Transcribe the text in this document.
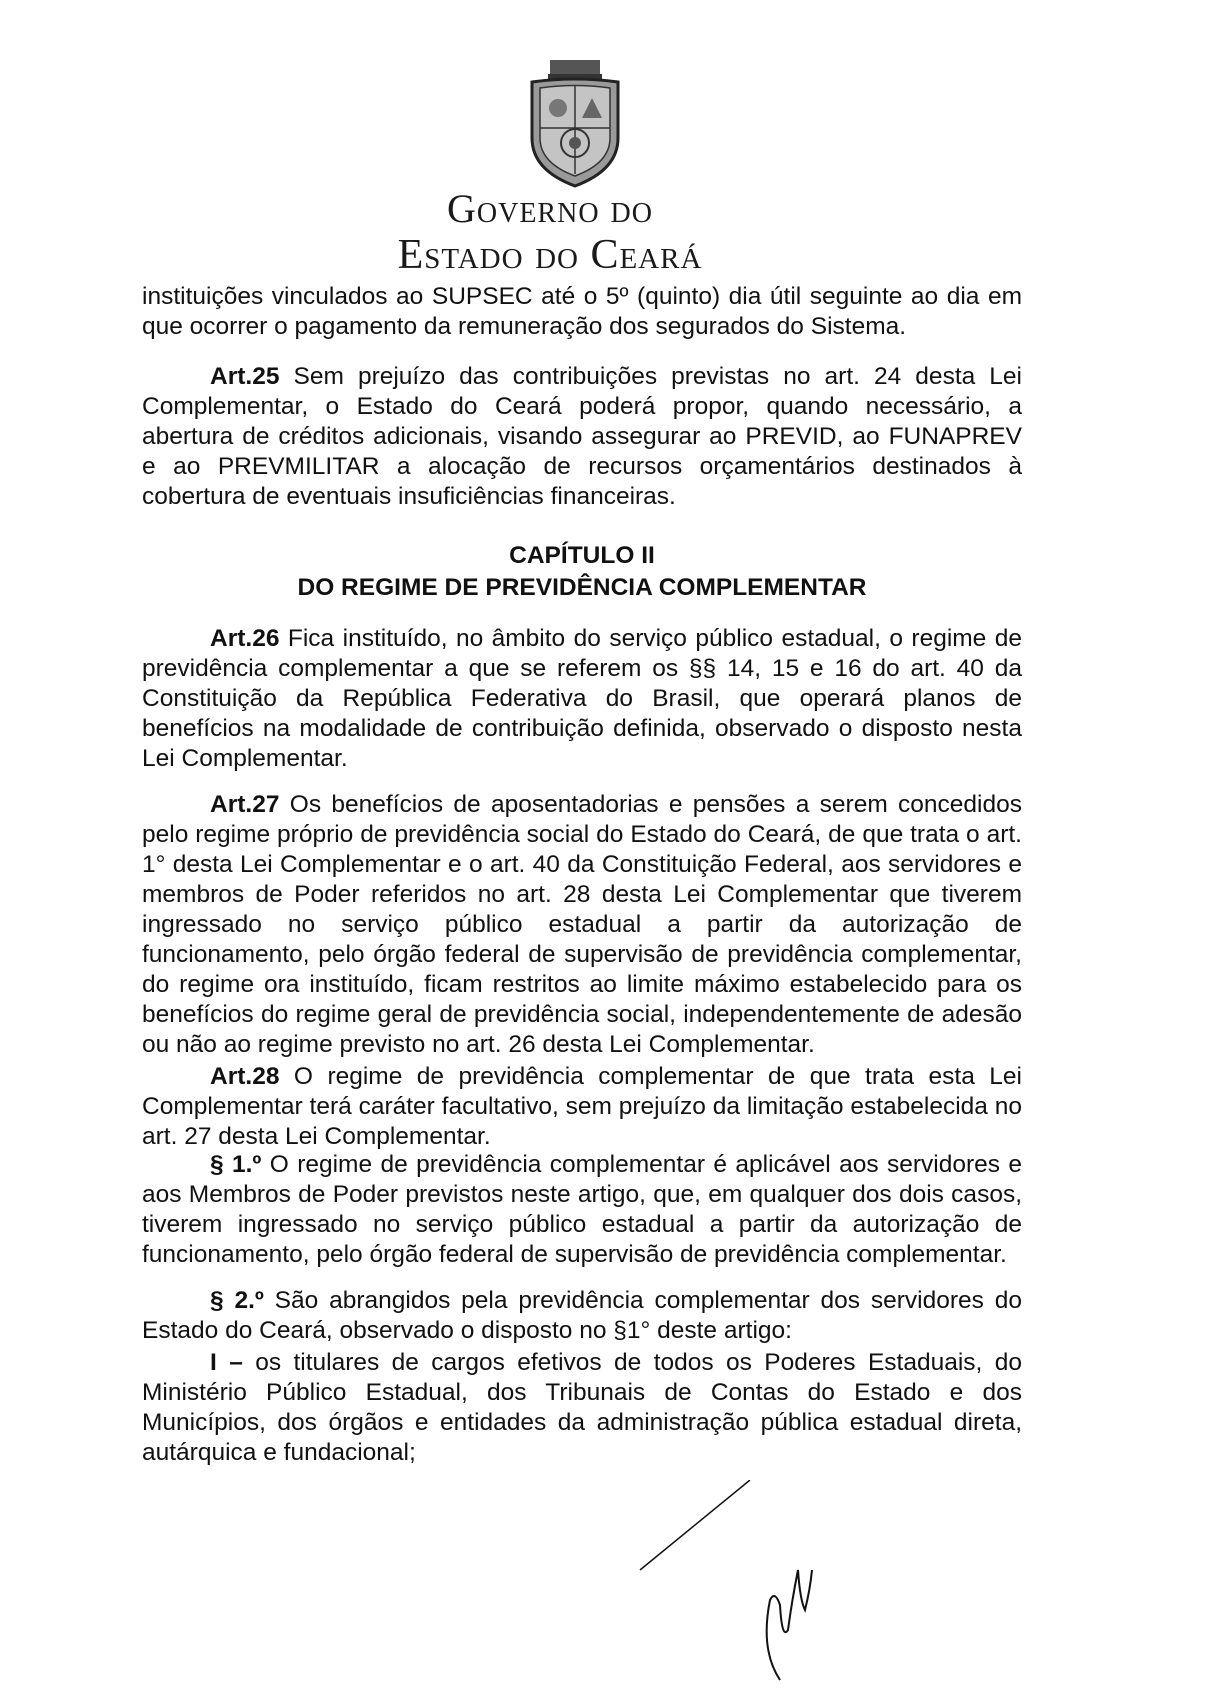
Governo do
Estado do Ceará

instituições vinculados ao SUPSEC até o 5º (quinto) dia útil seguinte ao dia em que ocorrer o pagamento da remuneração dos segurados do Sistema.

Art.25 Sem prejuízo das contribuições previstas no art. 24 desta Lei Complementar, o Estado do Ceará poderá propor, quando necessário, a abertura de créditos adicionais, visando assegurar ao PREVID, ao FUNAPREV e ao PREVMILITAR a alocação de recursos orçamentários destinados à cobertura de eventuais insuficiências financeiras.

CAPÍTULO II
DO REGIME DE PREVIDÊNCIA COMPLEMENTAR

Art.26 Fica instituído, no âmbito do serviço público estadual, o regime de previdência complementar a que se referem os §§ 14, 15 e 16 do art. 40 da Constituição da República Federativa do Brasil, que operará planos de benefícios na modalidade de contribuição definida, observado o disposto nesta Lei Complementar.

Art.27 Os benefícios de aposentadorias e pensões a serem concedidos pelo regime próprio de previdência social do Estado do Ceará, de que trata o art. 1° desta Lei Complementar e o art. 40 da Constituição Federal, aos servidores e membros de Poder referidos no art. 28 desta Lei Complementar que tiverem ingressado no serviço público estadual a partir da autorização de funcionamento, pelo órgão federal de supervisão de previdência complementar, do regime ora instituído, ficam restritos ao limite máximo estabelecido para os benefícios do regime geral de previdência social, independentemente de adesão ou não ao regime previsto no art. 26 desta Lei Complementar.

Art.28 O regime de previdência complementar de que trata esta Lei Complementar terá caráter facultativo, sem prejuízo da limitação estabelecida no art. 27 desta Lei Complementar.

§ 1.º O regime de previdência complementar é aplicável aos servidores e aos Membros de Poder previstos neste artigo, que, em qualquer dos dois casos, tiverem ingressado no serviço público estadual a partir da autorização de funcionamento, pelo órgão federal de supervisão de previdência complementar.

§ 2.º São abrangidos pela previdência complementar dos servidores do Estado do Ceará, observado o disposto no §1° deste artigo:

I – os titulares de cargos efetivos de todos os Poderes Estaduais, do Ministério Público Estadual, dos Tribunais de Contas do Estado e dos Municípios, dos órgãos e entidades da administração pública estadual direta, autárquica e fundacional;
